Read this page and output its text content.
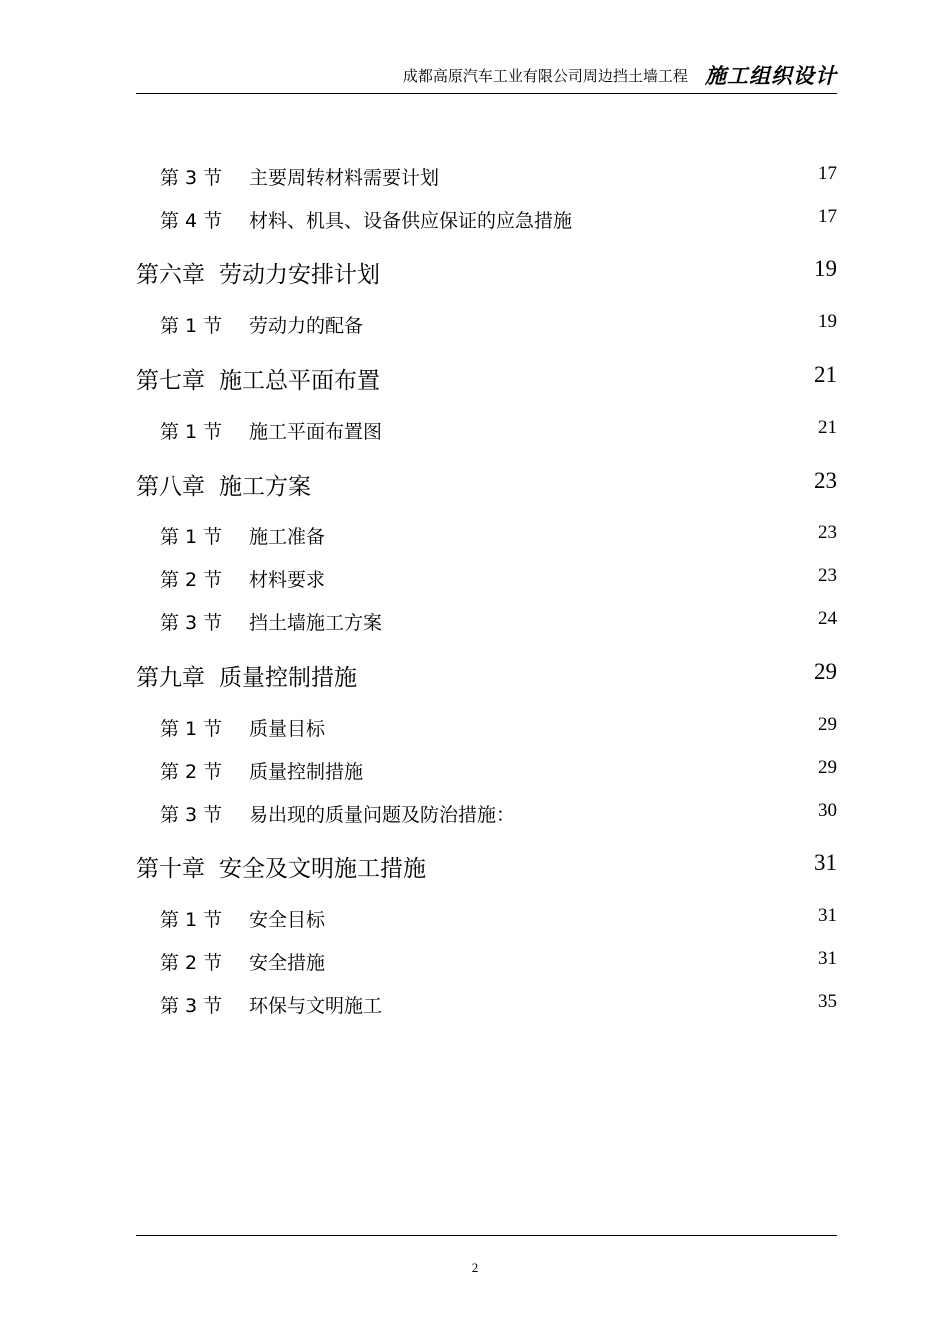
成都高原汽车工业有限公司周边挡土墙工程 施工组织设计
第 3 节 主要周转材料需要计划	17
第 4 节 材料、机具、设备供应保证的应急措施	17
第六章 劳动力安排计划	19
第 1 节 劳动力的配备	19
第七章 施工总平面布置	21
第 1 节 施工平面布置图	21
第八章 施工方案	23
第 1 节 施工准备	23
第 2 节 材料要求	23
第 3 节 挡土墙施工方案	24
第九章 质量控制措施	29
第 1 节 质量目标	29
第 2 节 质量控制措施	29
第 3 节 易出现的质量问题及防治措施：	30
第十章 安全及文明施工措施	31
第 1 节 安全目标	31
第 2 节 安全措施	31
第 3 节 环保与文明施工	35
2
